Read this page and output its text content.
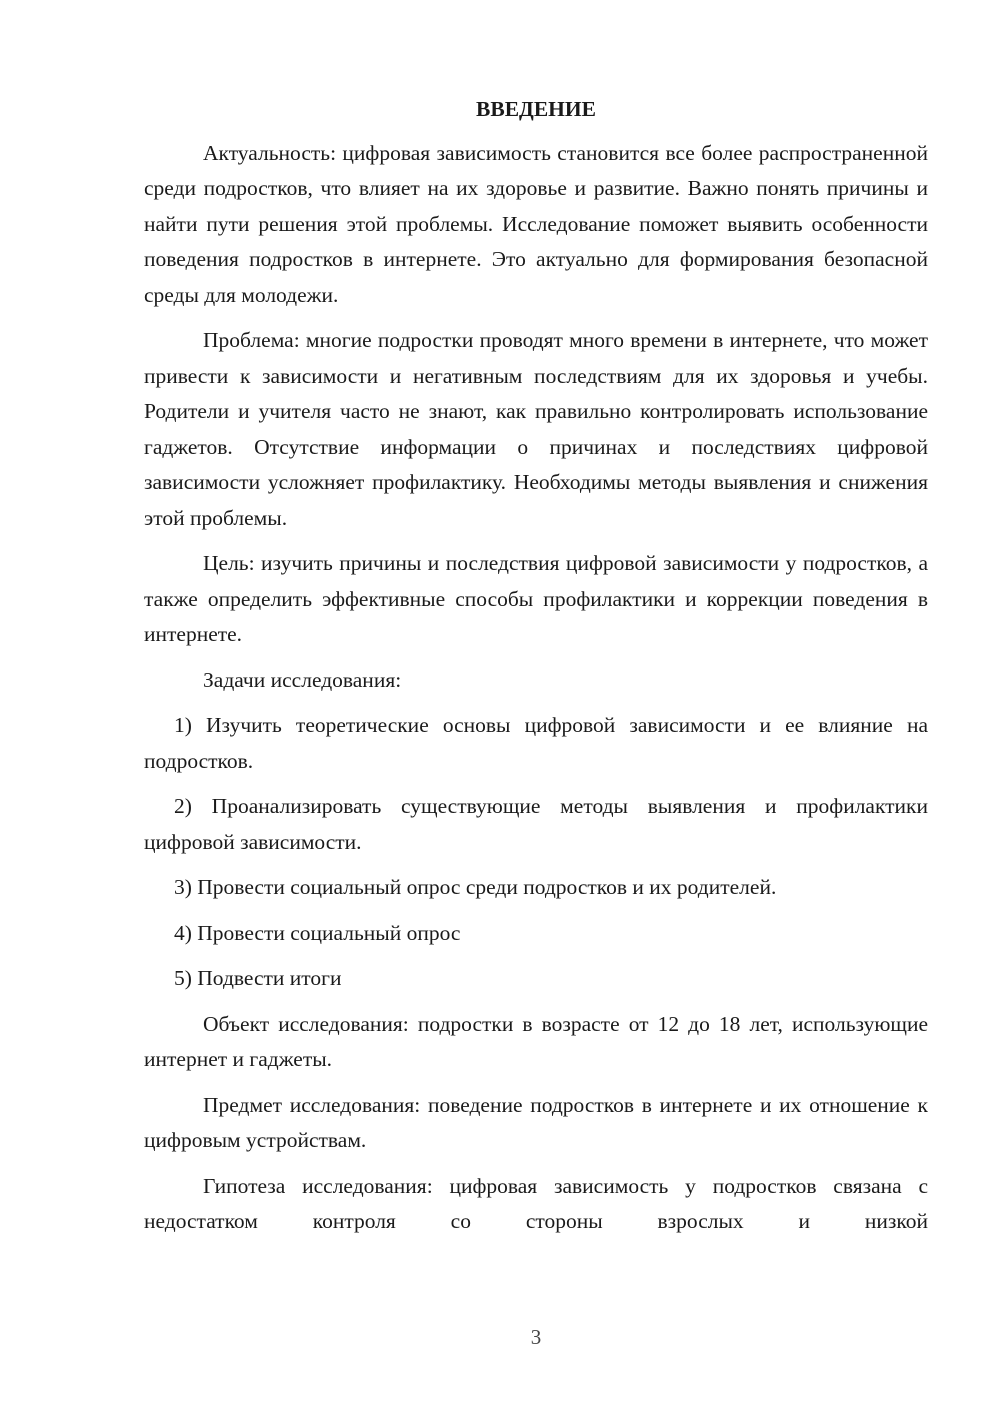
ВВЕДЕНИЕ

Актуальность: цифровая зависимость становится все более распространенной среди подростков, что влияет на их здоровье и развитие. Важно понять причины и найти пути решения этой проблемы. Исследование поможет выявить особенности поведения подростков в интернете. Это актуально для формирования безопасной среды для молодежи.

Проблема: многие подростки проводят много времени в интернете, что может привести к зависимости и негативным последствиям для их здоровья и учебы. Родители и учителя часто не знают, как правильно контролировать использование гаджетов. Отсутствие информации о причинах и последствиях цифровой зависимости усложняет профилактику. Необходимы методы выявления и снижения этой проблемы.

Цель: изучить причины и последствия цифровой зависимости у подростков, а также определить эффективные способы профилактики и коррекции поведения в интернете.

Задачи исследования:

1) Изучить теоретические основы цифровой зависимости и ее влияние на подростков.

2) Проанализировать существующие методы выявления и профилактики цифровой зависимости.

3) Провести социальный опрос среди подростков и их родителей.

4) Провести социальный опрос

5) Подвести итоги

Объект исследования: подростки в возрасте от 12 до 18 лет, использующие интернет и гаджеты.

Предмет исследования: поведение подростков в интернете и их отношение к цифровым устройствам.

Гипотеза исследования: цифровая зависимость у подростков связана с недостатком контроля со стороны взрослых и низкой

3
